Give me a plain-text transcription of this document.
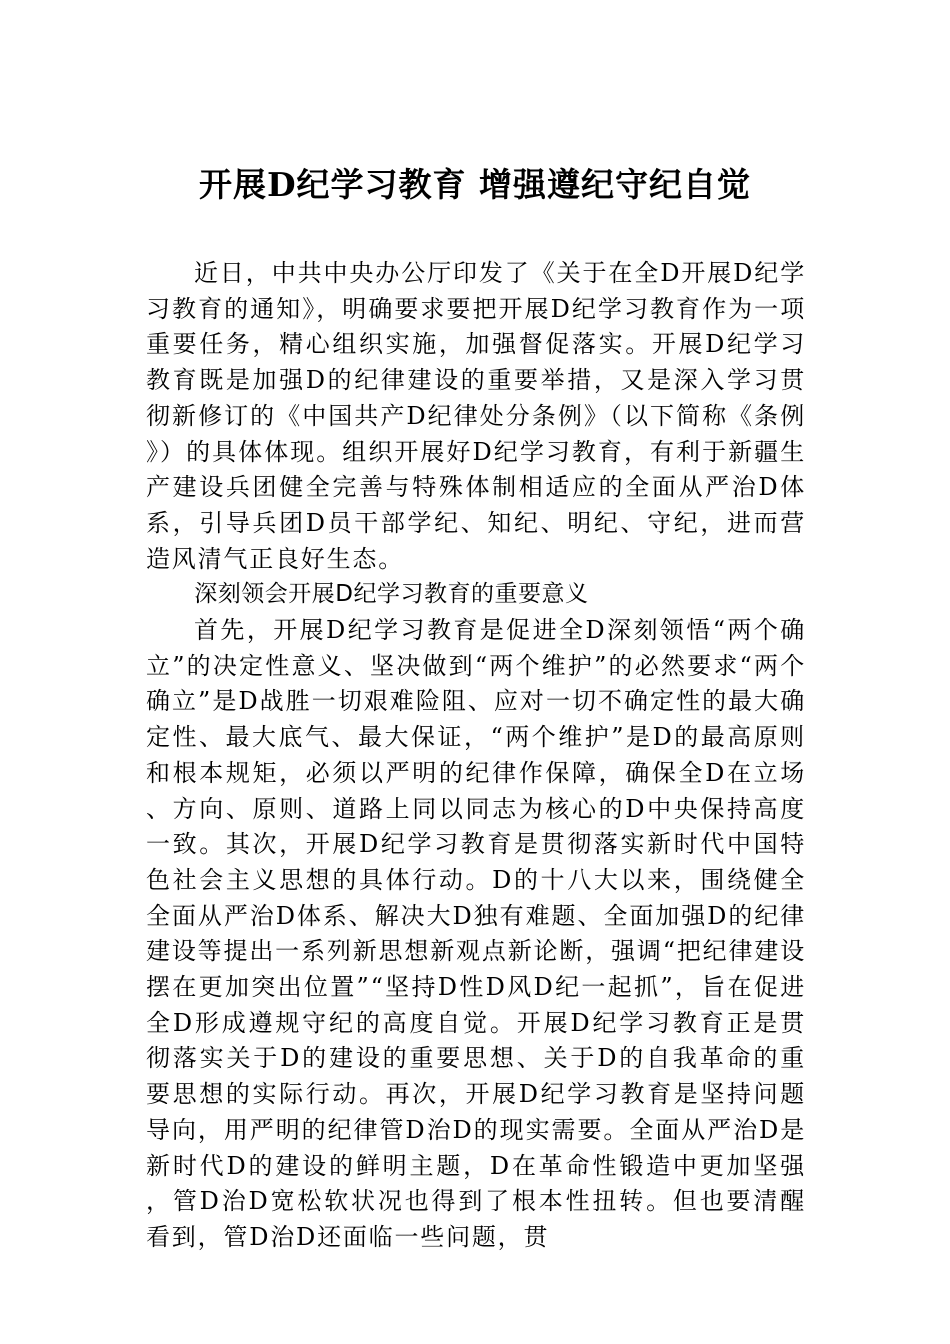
开展D纪学习教育 增强遵纪守纪自觉

近日，中共中央办公厅印发了《关于在全D开展D纪学习教育的通知》，明确要求要把开展D纪学习教育作为一项重要任务，精心组织实施，加强督促落实。开展D纪学习教育既是加强D的纪律建设的重要举措，又是深入学习贯彻新修订的《中国共产D纪律处分条例》（以下简称《条例》）的具体体现。组织开展好D纪学习教育，有利于新疆生产建设兵团健全完善与特殊体制相适应的全面从严治D体系，引导兵团D员干部学纪、知纪、明纪、守纪，进而营造风清气正良好生态。

深刻领会开展D纪学习教育的重要意义

首先，开展D纪学习教育是促进全D深刻领悟“两个确立”的决定性意义、坚决做到“两个维护”的必然要求“两个确立”是D战胜一切艰难险阻、应对一切不确定性的最大确定性、最大底气、最大保证，“两个维护”是D的最高原则和根本规矩，必须以严明的纪律作保障，确保全D在立场、方向、原则、道路上同以同志为核心的D中央保持高度一致。其次，开展D纪学习教育是贯彻落实新时代中国特色社会主义思想的具体行动。D的十八大以来，围绕健全全面从严治D体系、解决大D独有难题、全面加强D的纪律建设等提出一系列新思想新观点新论断，强调“把纪律建设摆在更加突出位置”“坚持D性D风D纪一起抓”，旨在促进全D形成遵规守纪的高度自觉。开展D纪学习教育正是贯彻落实关于D的建设的重要思想、关于D的自我革命的重要思想的实际行动。再次，开展D纪学习教育是坚持问题导向，用严明的纪律管D治D的现实需要。全面从严治D是新时代D的建设的鲜明主题，D在革命性锻造中更加坚强，管D治D宽松软状况也得到了根本性扭转。但也要清醒看到，管D治D还面临一些问题，贯
